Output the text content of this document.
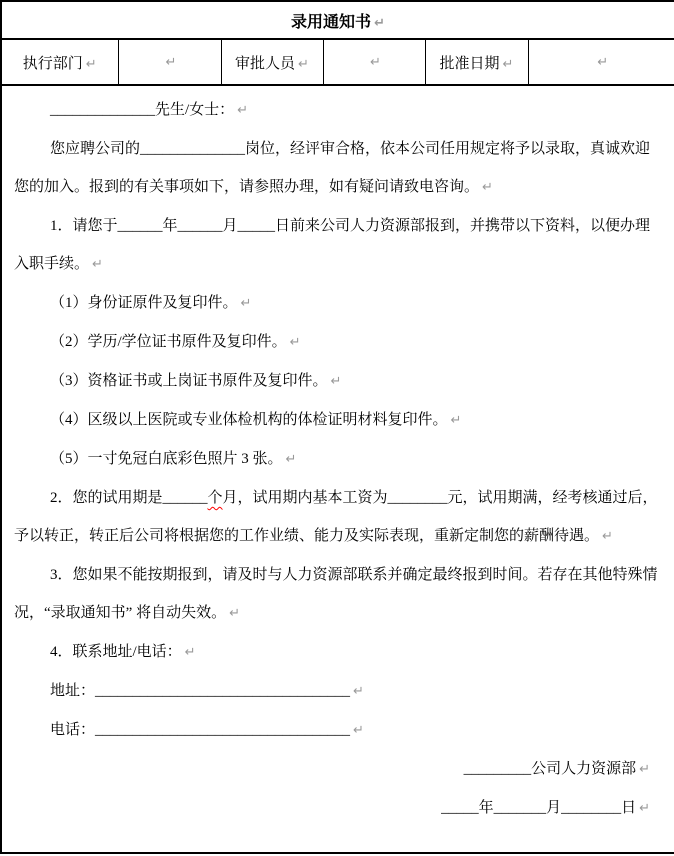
录用通知书 ↵
执行部门 ↵	↵	审批人员 ↵	↵	批准日期 ↵	↵

______________先生/女士： ↵

您应聘公司的______________岗位，经评审合格，依本公司任用规定将予以录取，真诚欢迎您的加入。报到的有关事项如下，请参照办理，如有疑问请致电咨询。 ↵

1．请您于______年______月_____日前来公司人力资源部报到，并携带以下资料，以便办理入职手续。 ↵

（1）身份证原件及复印件。 ↵

（2）学历/学位证书原件及复印件。 ↵

（3）资格证书或上岗证书原件及复印件。 ↵

（4）区级以上医院或专业体检机构的体检证明材料复印件。 ↵

（5）一寸免冠白底彩色照片 3 张。 ↵

2．您的试用期是______个月，试用期内基本工资为________元，试用期满，经考核通过后，予以转正，转正后公司将根据您的工作业绩、能力及实际表现，重新定制您的薪酬待遇。 ↵

3．您如果不能按期报到，请及时与人力资源部联系并确定最终报到时间。若存在其他特殊情况，“录取通知书” 将自动失效。 ↵

4．联系地址/电话： ↵

地址：__________________________________ ↵

电话：__________________________________ ↵

_________公司人力资源部 ↵

_____年_______月________日 ↵
